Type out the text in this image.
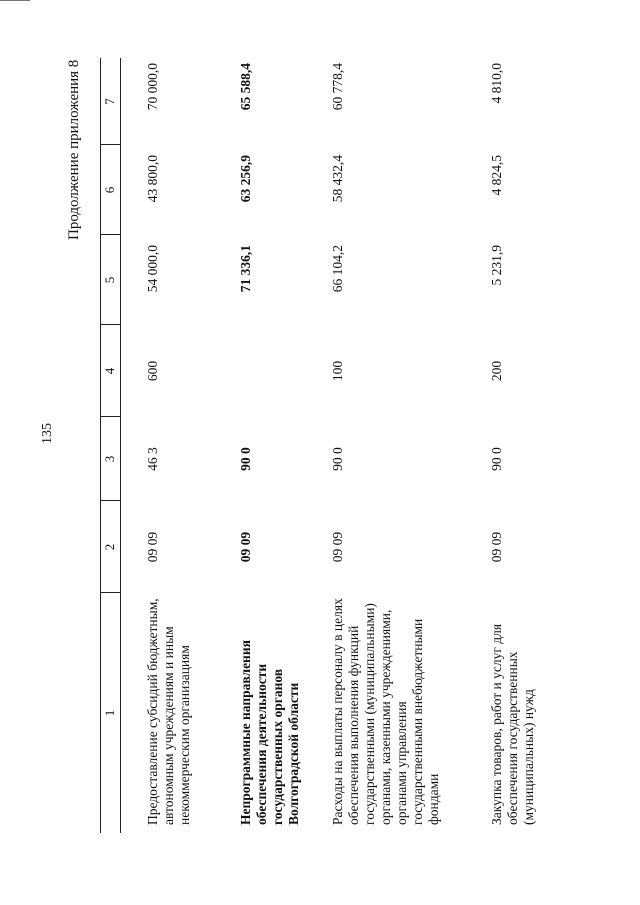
135
Продолжение приложения 8
1
2
3
4
5
6
7
Предоставление субсидий бюджетным, автономным учреждениям и иным некоммерческим организациям
09 09
46 3
600
54 000,0
43 800,0
70 000,0
Непрограммные направления обеспечения деятельности государственных органов Волгоградской области
09 09
90 0
71 336,1
63 256,9
65 588,4
Расходы на выплаты персоналу в целях обеспечения выполнения функций государственными (муниципальными) органами, казенными учреждениями, органами управления государственными внебюджетными фондами
09 09
90 0
100
66 104,2
58 432,4
60 778,4
Закупка товаров, работ и услуг для обеспечения государственных (муниципальных) нужд
09 09
90 0
200
5 231,9
4 824,5
4 810,0
